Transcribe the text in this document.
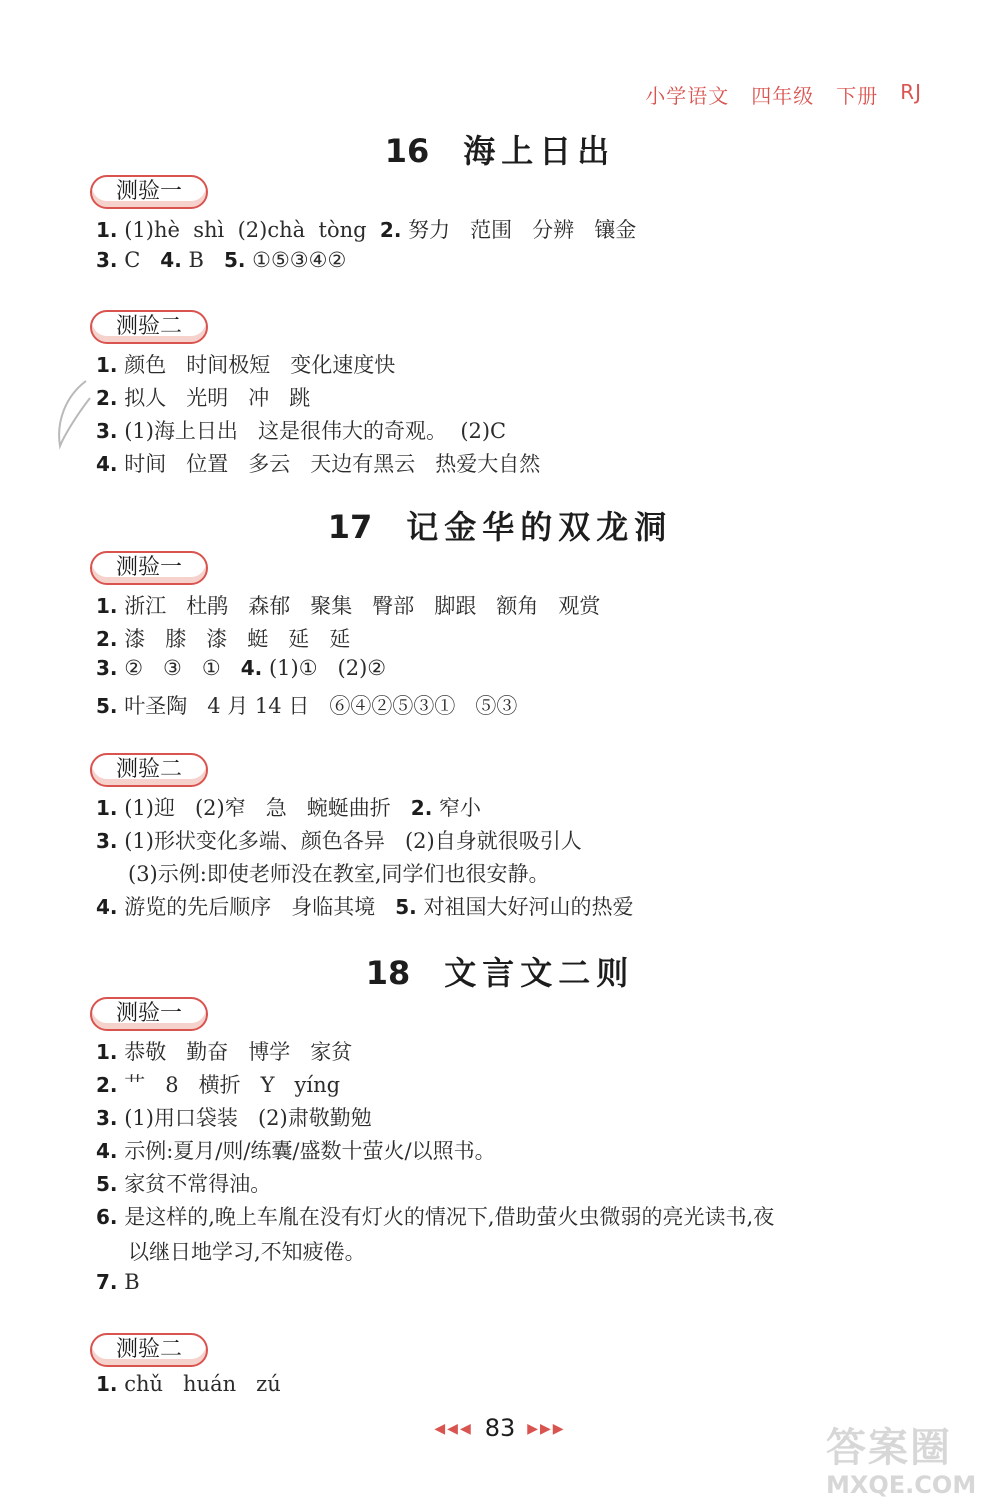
小学语文 四年级 下册 RJ
16 海上日出
测验一
1. (1)hè  shì  (2)chà  tòng  2. 努力   范围   分辨   镶金
3. C   4. B   5. ①⑤③④②
测验二
1. 颜色   时间极短   变化速度快
2. 拟人   光明   冲   跳
3. (1)海上日出   这是很伟大的奇观。  (2)C
4. 时间   位置   多云   天边有黑云   热爱大自然
17 记金华的双龙洞
测验一
1. 浙江   杜鹃   森郁   聚集   臀部   脚跟   额角   观赏
2. 漆   膝   漆   蜓   延   延
3. ②   ③   ①   4. (1)①   (2)②
5. 叶圣陶   4 月 14 日   ⑥④②⑤③①   ⑤③
测验二
1. (1)迎   (2)窄   急   蜿蜒曲折   2. 窄小
3. (1)形状变化多端、颜色各异   (2)自身就很吸引人
(3)示例:即使老师没在教室,同学们也很安静。
4. 游览的先后顺序   身临其境   5. 对祖国大好河山的热爱
18 文言文二则
测验一
1. 恭敬   勤奋   博学   家贫
2. 艹   8   横折   Y   yíng
3. (1)用口袋装   (2)肃敬勤勉
4. 示例:夏月/则/练囊/盛数十萤火/以照书。
5. 家贫不常得油。
6. 是这样的,晚上车胤在没有灯火的情况下,借助萤火虫微弱的亮光读书,夜
以继日地学习,不知疲倦。
7. B
测验二
1. chǔ   huán   zú
◀◀◀ 83 ▶▶▶	答案圈
MXQE.COM
